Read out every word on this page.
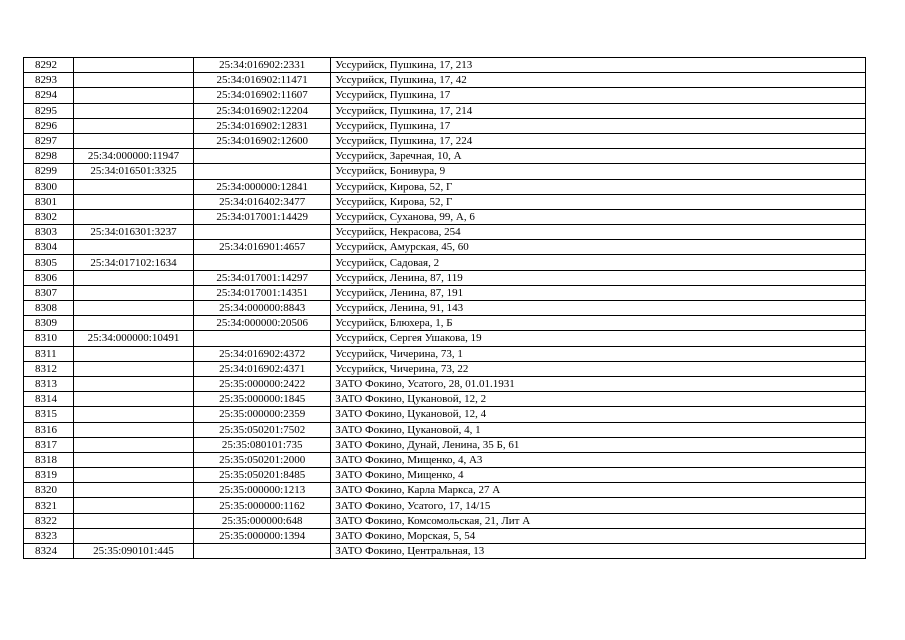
8292		25:34:016902:2331	Уссурийск, Пушкина, 17, 213
8293		25:34:016902:11471	Уссурийск, Пушкина, 17, 42
8294		25:34:016902:11607	Уссурийск, Пушкина, 17
8295		25:34:016902:12204	Уссурийск, Пушкина, 17, 214
8296		25:34:016902:12831	Уссурийск, Пушкина, 17
8297		25:34:016902:12600	Уссурийск, Пушкина, 17, 224
8298	25:34:000000:11947		Уссурийск, Заречная, 10, А
8299	25:34:016501:3325		Уссурийск, Бонивура, 9
8300		25:34:000000:12841	Уссурийск, Кирова, 52, Г
8301		25:34:016402:3477	Уссурийск, Кирова, 52, Г
8302		25:34:017001:14429	Уссурийск, Суханова, 99, А, 6
8303	25:34:016301:3237		Уссурийск, Некрасова, 254
8304		25:34:016901:4657	Уссурийск, Амурская, 45, 60
8305	25:34:017102:1634		Уссурийск, Садовая, 2
8306		25:34:017001:14297	Уссурийск, Ленина, 87, 119
8307		25:34:017001:14351	Уссурийск, Ленина, 87, 191
8308		25:34:000000:8843	Уссурийск, Ленина, 91, 143
8309		25:34:000000:20506	Уссурийск, Блюхера, 1, Б
8310	25:34:000000:10491		Уссурийск, Сергея Ушакова, 19
8311		25:34:016902:4372	Уссурийск, Чичерина, 73, 1
8312		25:34:016902:4371	Уссурийск, Чичерина, 73, 22
8313		25:35:000000:2422	ЗАТО Фокино, Усатого, 28, 01.01.1931
8314		25:35:000000:1845	ЗАТО Фокино, Цукановой, 12, 2
8315		25:35:000000:2359	ЗАТО Фокино, Цукановой, 12, 4
8316		25:35:050201:7502	ЗАТО Фокино, Цукановой, 4, 1
8317		25:35:080101:735	ЗАТО Фокино, Дунай, Ленина, 35 Б, 61
8318		25:35:050201:2000	ЗАТО Фокино, Мищенко, 4, А3
8319		25:35:050201:8485	ЗАТО Фокино, Мищенко, 4
8320		25:35:000000:1213	ЗАТО Фокино, Карла Маркса, 27 А
8321		25:35:000000:1162	ЗАТО Фокино, Усатого, 17, 14/15
8322		25:35:000000:648	ЗАТО Фокино, Комсомольская, 21, Лит А
8323		25:35:000000:1394	ЗАТО Фокино, Морская, 5, 54
8324	25:35:090101:445		ЗАТО Фокино, Центральная, 13
